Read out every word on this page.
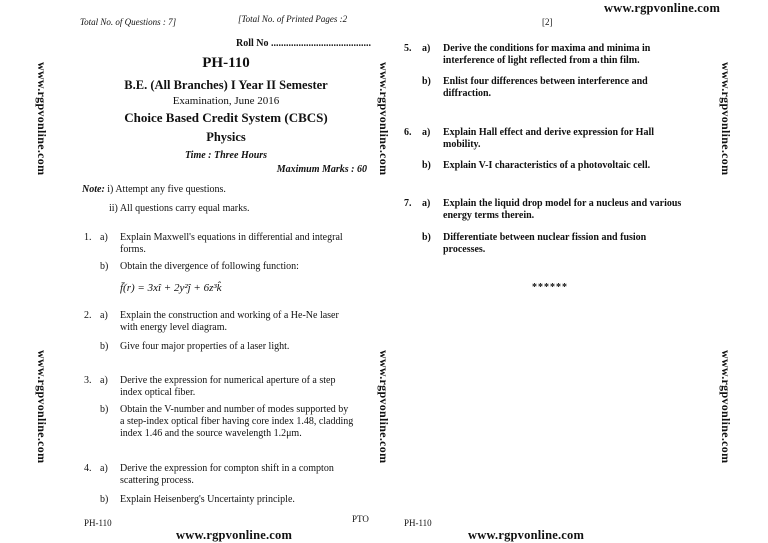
www.rgpvonline.com
www.rgpvonline.com	www.rgpvonline.com
www.rgpvonline.com
www.rgpvonline.com
www.rgpvonline.com
www.rgpvonline.com
www.rgpvonline.com
www.rgpvonline.com
Total No. of Questions : 7]	[Total No. of Printed Pages :2
Roll No ........................................
PH-110
B.E. (All Branches) I Year II Semester
Examination, June 2016
Choice Based Credit System (CBCS)
Physics
Time : Three Hours
Maximum Marks : 60
Note: i) Attempt any five questions.
ii) All questions carry equal marks.
1. a) Explain Maxwell's equations in differential and integral
forms.
b) Obtain the divergence of following function:
f̄(r) = 3xî + 2y²ĵ + 6z³k̂
2. a) Explain the construction and working of a He-Ne laser
with energy level diagram.
b) Give four major properties of a laser light.
3. a) Derive the expression for numerical aperture of a step
index optical fiber.
b) Obtain the V-number and number of modes supported by
a step-index optical fiber having core index 1.48, cladding
index 1.46 and the source wavelength 1.2μm.
4. a) Derive the expression for compton shift in a compton
scattering process.
b) Explain Heisenberg's Uncertainty principle.
PH-110	PTO
[2]
5. a) Derive the conditions for maxima and minima in
interference of light reflected from a thin film.
b) Enlist four differences between interference and
diffraction.
6. a) Explain Hall effect and derive expression for Hall
mobility.
b) Explain V-I characteristics of a photovoltaic cell.
7. a) Explain the liquid drop model for a nucleus and various
energy terms therein.
b) Differentiate between nuclear fission and fusion
processes.
******
PH-110
